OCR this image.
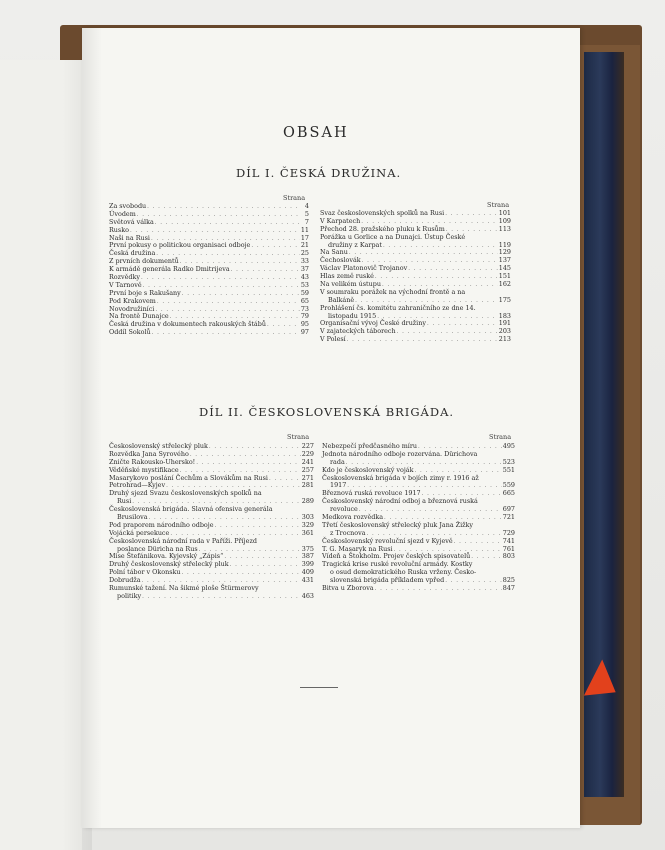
OBSAH
DÍL I. ČESKÁ DRUŽINA.
Strana
Strana
Za svobodu . . .	4
Úvodem . . .	5
Světová válka . . .	7
Rusko . . .	11
Naši na Rusi . . .	17
První pokusy o politickou organisaci odboje . . .	21
Česká družina . . .	25
Z prvních dokumentů . . .	33
K armádě generála Radko Dmitrijeva . . .	37
Rozvědky . . .	43
V Tarnově . . .	53
První boje s Rakušany . . .	59
Pod Krakovem . . .	65
Novodružiníci . . .	73
Na frontě Dunajce . . .	79
Česká družina v dokumentech rakouských štábů . . .	95
Oddíl Sokolů . . .	97
Svaz československých spolků na Rusi . . .	101
V Karpatech . . .	109
Přechod 28. pražského pluku k Rusům . . .	113
Porážka u Gorlice a na Dunajci. Ústup České
družiny z Karpat . . .	119
Na Sanu . . .	129
Čechoslovák . . .	137
Václav Platonovič Trojanov . . .	145
Hlas země ruské . . .	151
Na velikém ústupu . . .	162
V soumraku porážek na východní frontě a na
Balkáně . . .	175
Prohlášení čs. komitétu zahraničního ze dne 14.
listopadu 1915 . . .	183
Organisační vývoj České družiny . . .	191
V zajateckých táborech . . .	203
V Polesí . . .	213
DÍL II. ČESKOSLOVENSKÁ BRIGÁDA.
Strana	Strana
Československý střelecký pluk . . .	227
Rozvědka Jana Syrového . . .	229
Zničte Rakousko-Uhersko! . . .	241
Věděňské mystifikace . . .	257
Masarykovo poslání Čechům a Slovákům na Rusi . . .	271
Petrohrad—Kyjev . . .	281
Druhý sjezd Svazu československých spolků na
Rusi . . .	289
Československá brigáda. Slavná ofensiva generála
Brusilova . . .	303
Pod praporem národního odboje . . .	329
Vojácká persekuce . . .	361
Československá národní rada v Paříži. Příjezd
poslance Düricha na Rus . . .	375
Mise Štefánikova. Kyjevský „Zápis“ . . .	387
Druhý československý střelecký pluk . . .	399
Polní tábor v Okonsku . . .	409
Dobrudža . . .	431
Rumunské tažení. Na šikmé ploše Štürmerovy
politiky . . .	463
Nebezpečí předčasného míru . . .	495
Jednota národního odboje rozervána. Dürichova
rada . . .	523
Kdo je československý voják . . .	551
Československá brigáda v bojích zimy r. 1916 až
1917 . . .	559
Březnová ruská revoluce 1917 . . .	665
Československý národní odboj a březnová ruská
revoluce . . .	697
Medkova rozvědka . . .	721
Třetí československý střelecký pluk Jana Žižky
z Trocnova . . .	729
Československý revoluční sjezd v Kyjevě . . .	741
T. G. Masaryk na Rusi . . .	761
Vídeň a Štokholm. Projev českých spisovatelů . . .	803
Tragická krise ruské revoluční armády. Kostky
o osud demokratického Ruska vrženy. Česko-
slovenská brigáda příkladem vpřed . . .	825
Bitva u Zborova . . .	847
